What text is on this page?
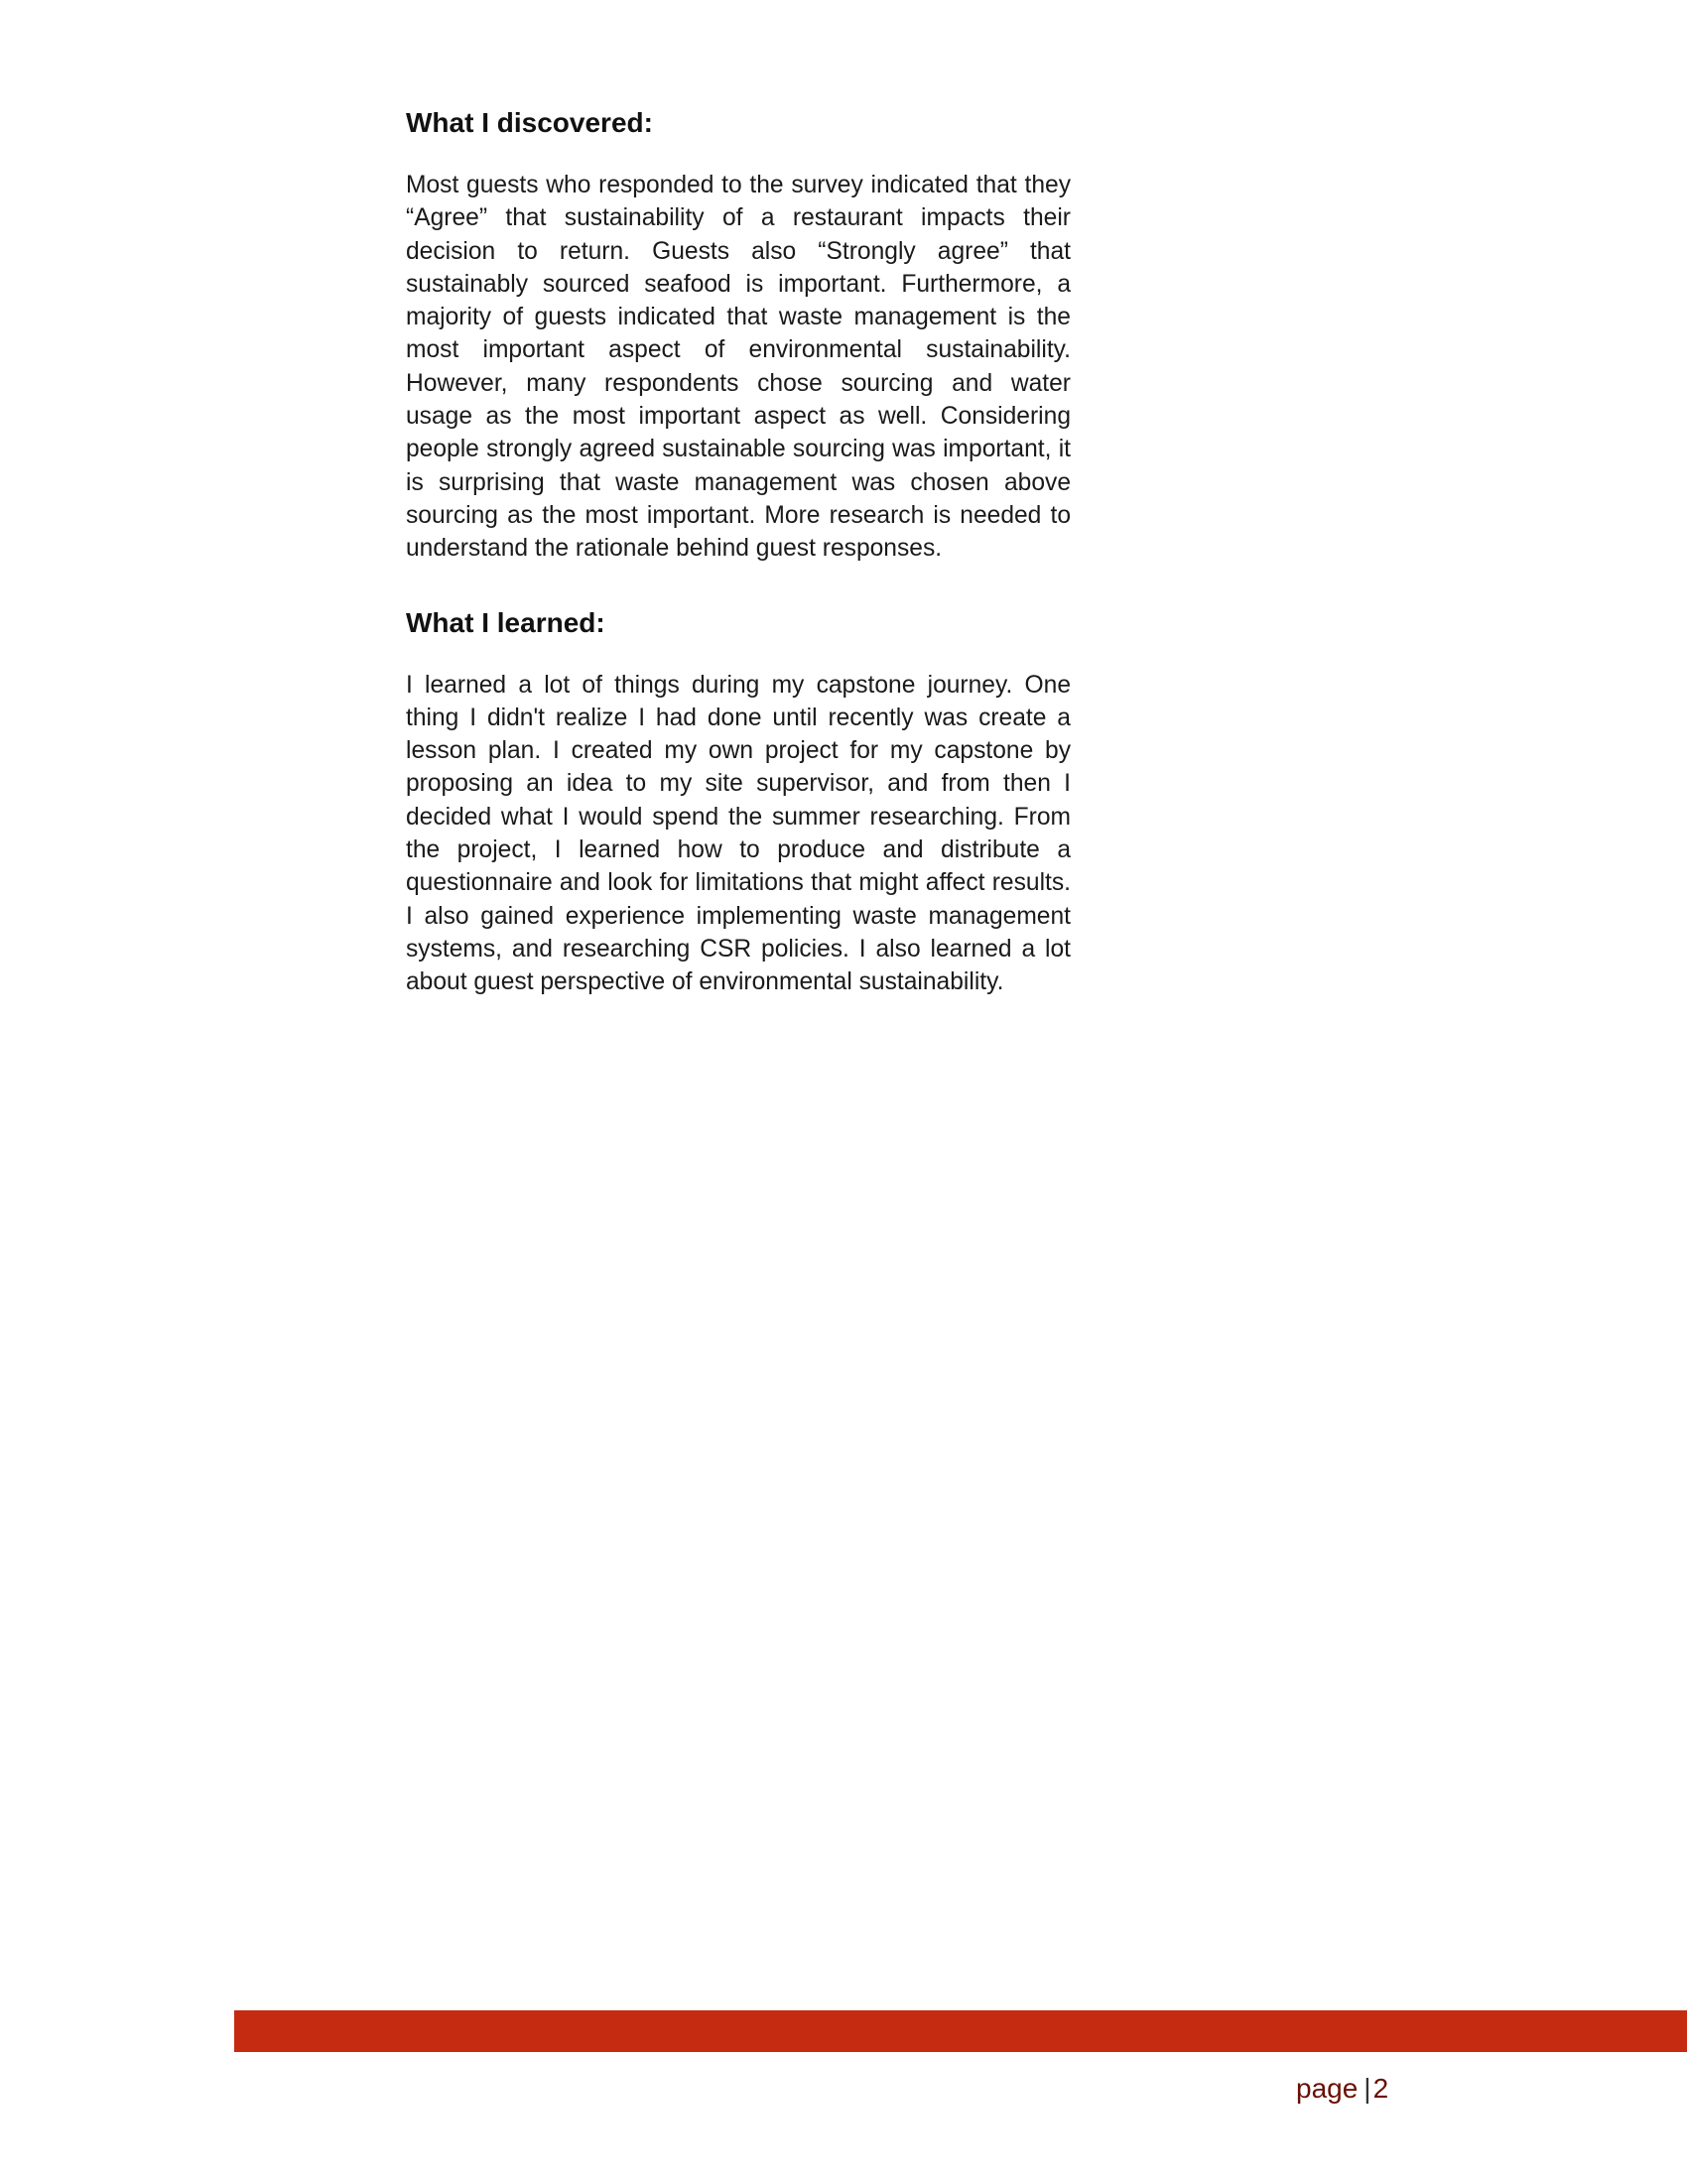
What I discovered:

Most guests who responded to the survey indicated that they “Agree” that sustainability of a restaurant impacts their decision to return. Guests also “Strongly agree” that sustainably sourced seafood is important. Furthermore, a majority of guests indicated that waste management is the most important aspect of environmental sustainability. However, many respondents chose sourcing and water usage as the most important aspect as well. Considering people strongly agreed sustainable sourcing was important, it is surprising that waste management was chosen above sourcing as the most important. More research is needed to understand the rationale behind guest responses.

What I learned:

I learned a lot of things during my capstone journey. One thing I didn't realize I had done until recently was create a lesson plan. I created my own project for my capstone by proposing an idea to my site supervisor, and from then I decided what I would spend the summer researching. From the project, I learned how to produce and distribute a questionnaire and look for limitations that might affect results. I also gained experience implementing waste management systems, and researching CSR policies. I also learned a lot about guest perspective of environmental sustainability.

page |2
